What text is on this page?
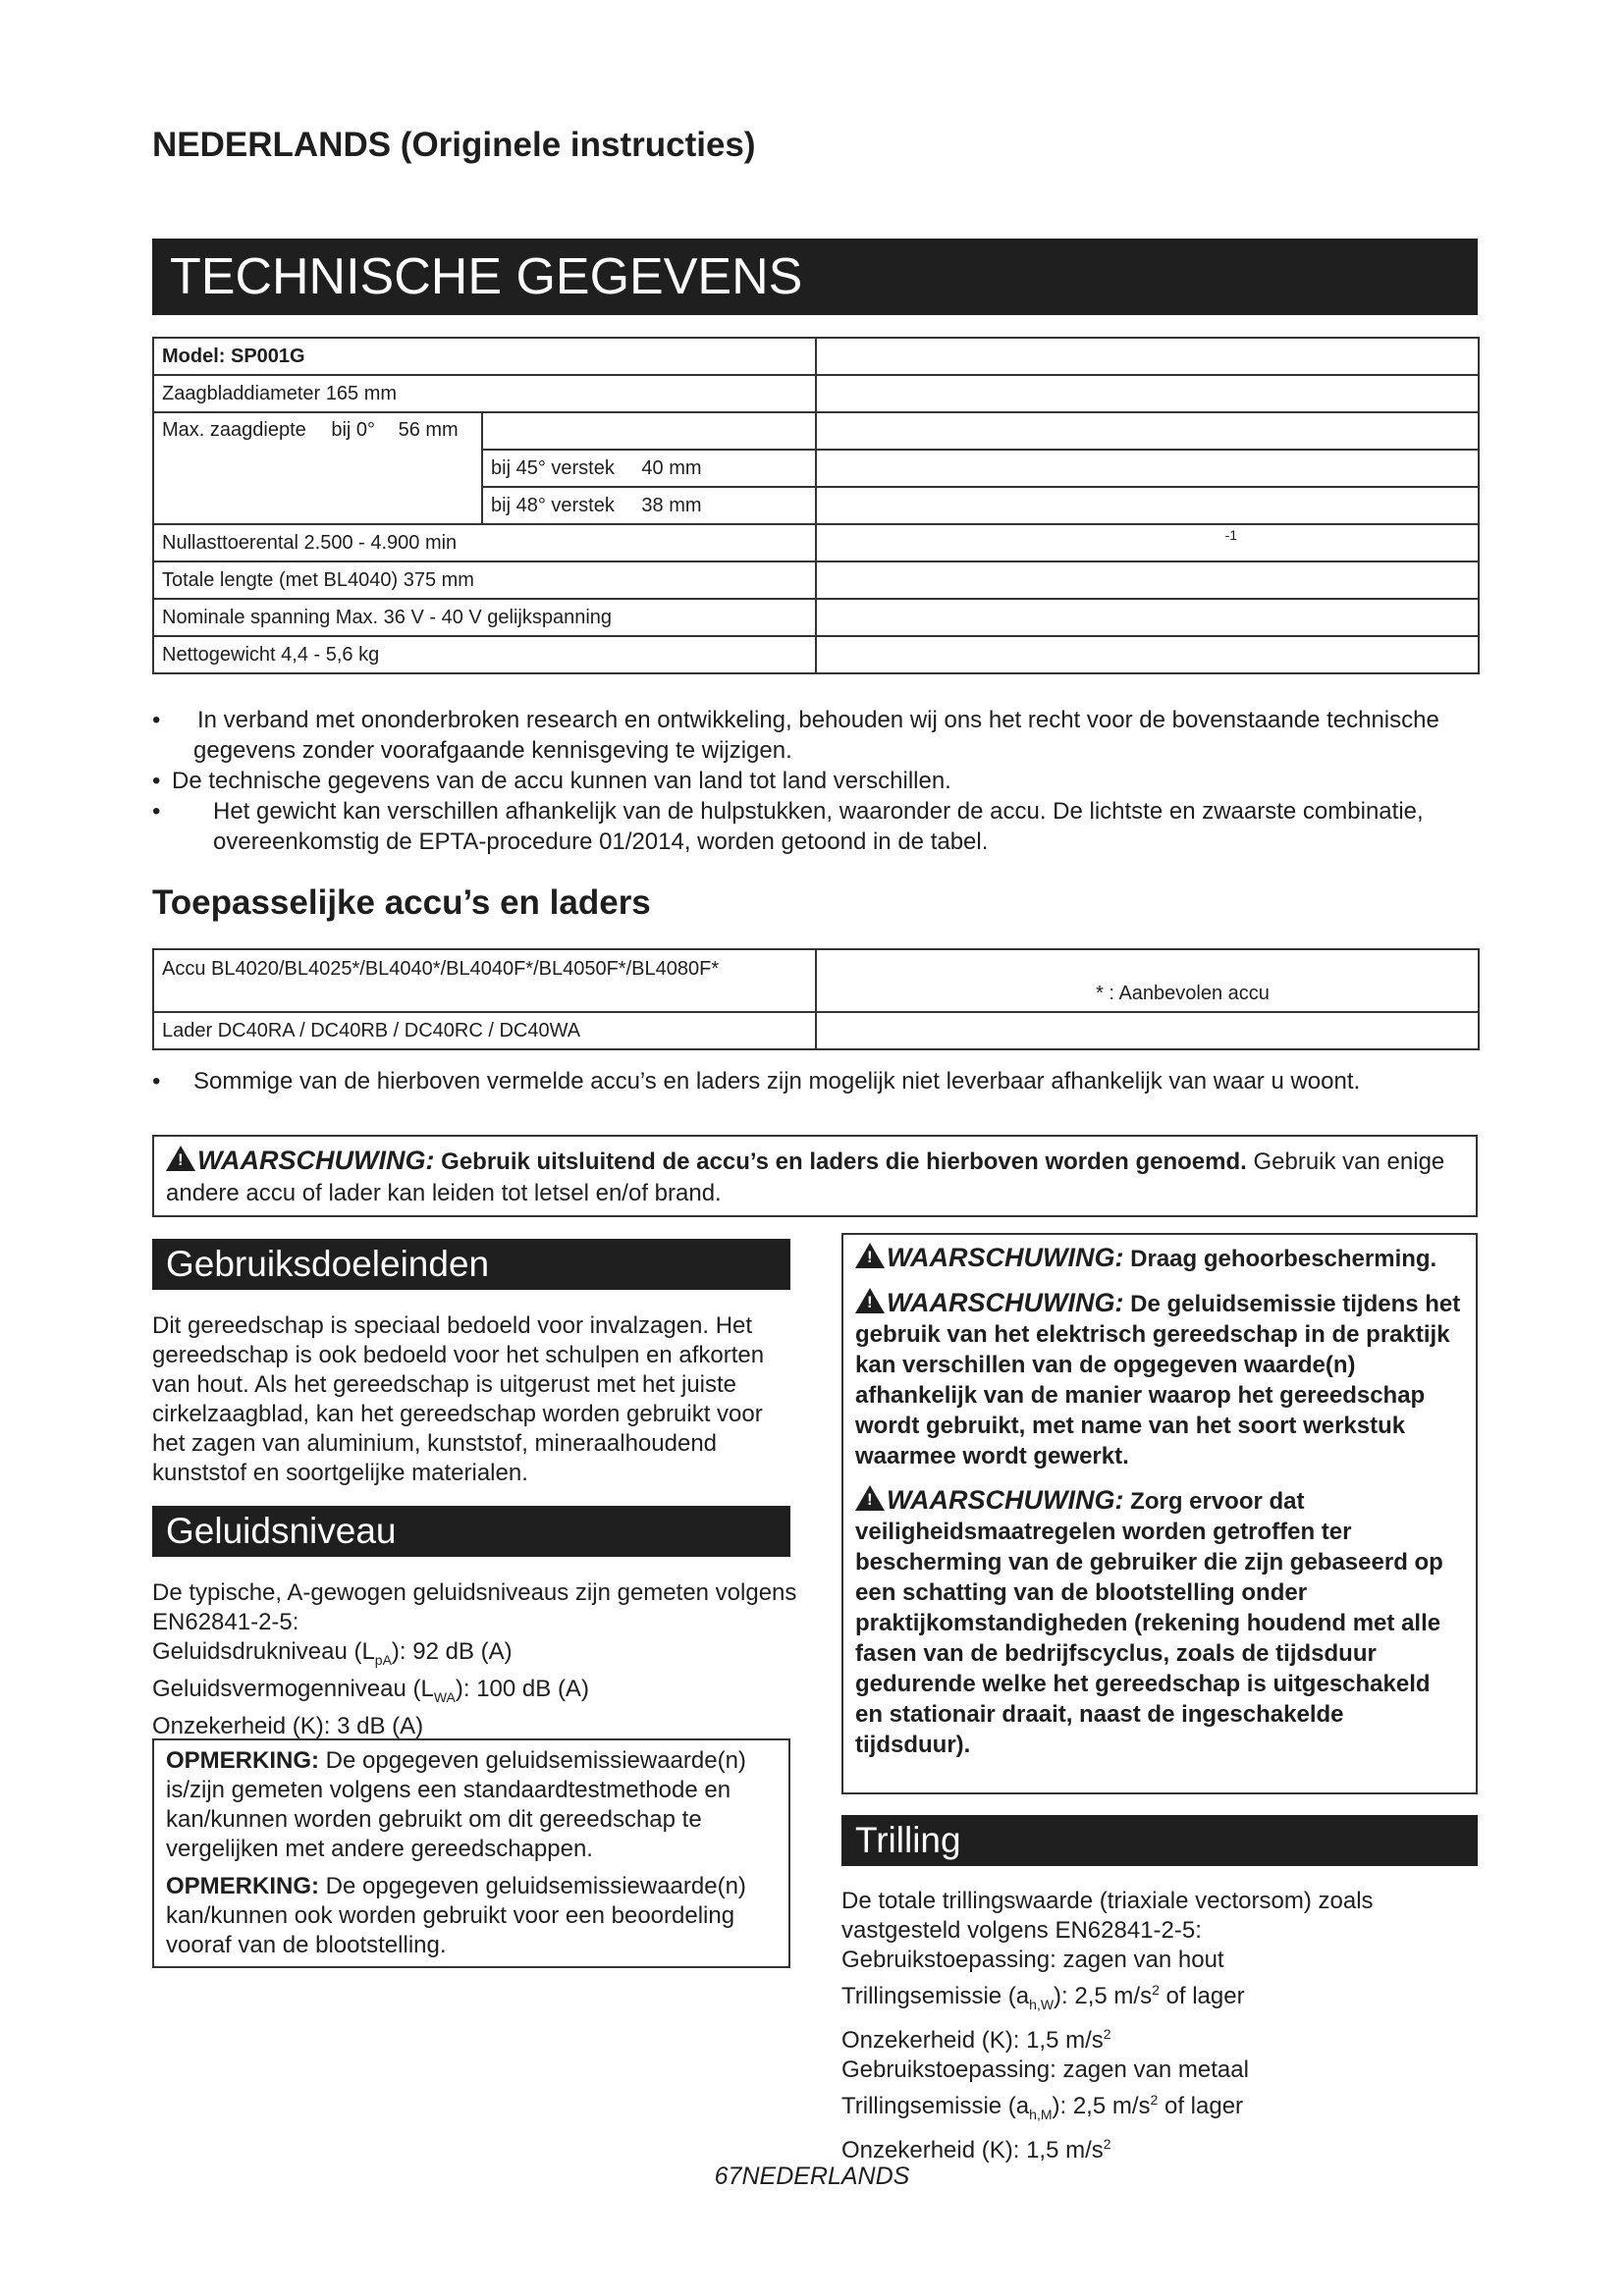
NEDERLANDS (Originele instructies)
TECHNISCHE GEGEVENS
Model: SP001G		
Zaagbladdiameter 165 mm		
Max. zaagdiepte bij 0° 56 mm		
	bij 45° verstek 40 mm	
	bij 48° verstek 38 mm	
Nullasttoerental 2.500 - 4.900 min		-1

Totale lengte (met BL4040) 375 mm		
Nominale spanning Max. 36 V - 40 V gelijkspanning		
Nettogewicht 4,4 - 5,6 kg		
• In verband met ononderbroken research en ontwikkeling, behouden wij ons het recht voor de bovenstaande technische gegevens zonder voorafgaande kennisgeving te wijzigen.
• De technische gegevens van de accu kunnen van land tot land verschillen.
• Het gewicht kan verschillen afhankelijk van de hulpstukken, waaronder de accu. De lichtste en zwaarste combinatie, overeenkomstig de EPTA-procedure 01/2014, worden getoond in de tabel.
Toepasselijke accu’s en laders
Accu BL4020/BL4025*/BL4040*/BL4040F*/BL4050F*/BL4080F*	* : Aanbevolen accu
Lader DC40RA / DC40RB / DC40RC / DC40WA	
• Sommige van de hierboven vermelde accu’s en laders zijn mogelijk niet leverbaar afhankelijk van waar u woont.
!WAARSCHUWING: Gebruik uitsluitend de accu’s en laders die hierboven worden genoemd. Gebruik van enige andere accu of lader kan leiden tot letsel en/of brand.
Gebruiksdoeleinden

Dit gereedschap is speciaal bedoeld voor invalzagen. Het gereedschap is ook bedoeld voor het schulpen en afkorten van hout. Als het gereedschap is uitgerust met het juiste cirkelzaagblad, kan het gereedschap worden gebruikt voor het zagen van aluminium, kunststof, mineraalhoudend kunststof en soortgelijke materialen.

Geluidsniveau
De typische, A-gewogen geluidsniveaus zijn gemeten volgens EN62841-2-5:
Geluidsdrukniveau $(L_{pA})$: 92 dB (A)
Geluidsvermogenniveau $(L_{WA})$: 100 dB (A)
Onzekerheid (K): 3 dB (A)

OPMERKING: De opgegeven geluidsemissiewaarde(n) is/zijn gemeten volgens een standaardtestmethode en kan/kunnen worden gebruikt om dit gereedschap te vergelijken met andere gereedschappen.

OPMERKING: De opgegeven geluidsemissiewaarde(n) kan/kunnen ook worden gebruikt voor een beoordeling vooraf van de blootstelling.

!WAARSCHUWING: Draag gehoorbescherming.

!WAARSCHUWING: De geluidsemissie tijdens het gebruik van het elektrisch gereedschap in de praktijk kan verschillen van de opgegeven waarde(n) afhankelijk van de manier waarop het gereedschap wordt gebruikt, met name van het soort werkstuk waarmee wordt gewerkt.

!WAARSCHUWING: Zorg ervoor dat veiligheidsmaatregelen worden getroffen ter bescherming van de gebruiker die zijn gebaseerd op een schatting van de blootstelling onder praktijkomstandigheden (rekening houdend met alle fasen van de bedrijfscyclus, zoals de tijdsduur gedurende welke het gereedschap is uitgeschakeld en stationair draait, naast de ingeschakelde tijdsduur).

Trilling
De totale trillingswaarde (triaxiale vectorsom) zoals vastgesteld volgens EN62841-2-5:
Gebruikstoepassing: zagen van hout
Trillingsemissie $(a_{h,W})$: 2,5 $m/s^2$ of lager
Onzekerheid (K): 1,5 $m/s^2$
Gebruikstoepassing: zagen van metaal
Trillingsemissie $(a_{h,M})$: 2,5 $m/s^2$ of lager
Onzekerheid (K): 1,5 $m/s^2$
67NEDERLANDS
